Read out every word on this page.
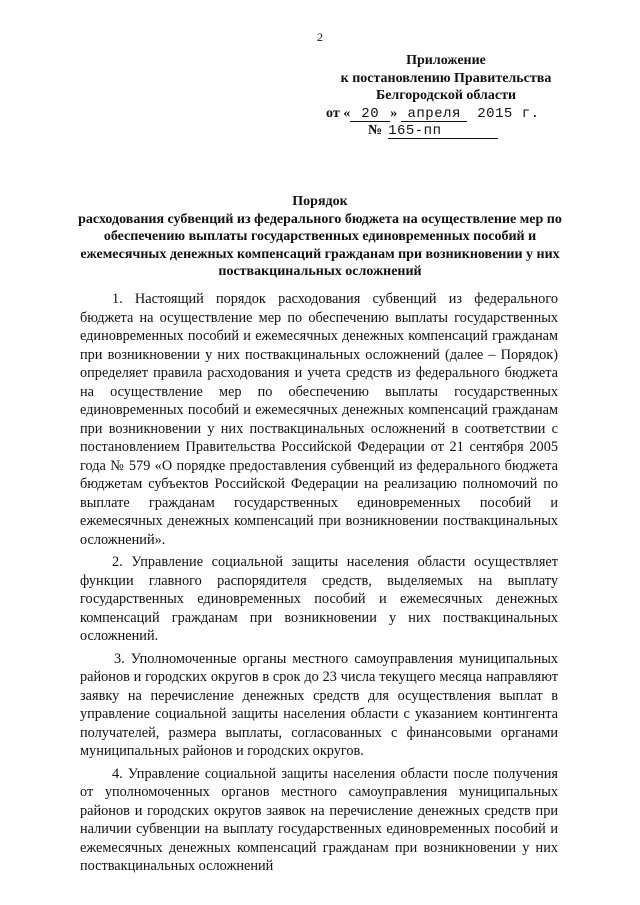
2
Приложение
к постановлению Правительства
Белгородской области
от « 20 » апреля 2015 г.
№ 165-пп
Порядок
расходования субвенций из федерального бюджета на осуществление мер по обеспечению выплаты государственных единовременных пособий и ежемесячных денежных компенсаций гражданам при возникновении у них поствакцинальных осложнений

1. Настоящий порядок расходования субвенций из федерального бюджета на осуществление мер по обеспечению выплаты государственных единовременных пособий и ежемесячных денежных компенсаций гражданам при возникновении у них поствакцинальных осложнений (далее – Порядок) определяет правила расходования и учета средств из федерального бюджета на осуществление мер по обеспечению выплаты государственных единовременных пособий и ежемесячных денежных компенсаций гражданам при возникновении у них поствакцинальных осложнений в соответствии с постановлением Правительства Российской Федерации от 21 сентября 2005 года № 579 «О порядке предоставления субвенций из федерального бюджета бюджетам субъектов Российской Федерации на реализацию полномочий по выплате гражданам государственных единовременных пособий и ежемесячных денежных компенсаций при возникновении поствакцинальных осложнений».

2. Управление социальной защиты населения области осуществляет функции главного распорядителя средств, выделяемых на выплату государственных единовременных пособий и ежемесячных денежных компенсаций гражданам при возникновении у них поствакцинальных осложнений.

3. Уполномоченные органы местного самоуправления муниципальных районов и городских округов в срок до 23 числа текущего месяца направляют заявку на перечисление денежных средств для осуществления выплат в управление социальной защиты населения области с указанием контингента получателей, размера выплаты, согласованных с финансовыми органами муниципальных районов и городских округов.

4. Управление социальной защиты населения области после получения от уполномоченных органов местного самоуправления муниципальных районов и городских округов заявок на перечисление денежных средств при наличии субвенции на выплату государственных единовременных пособий и ежемесячных денежных компенсаций гражданам при возникновении у них поствакцинальных осложнений
